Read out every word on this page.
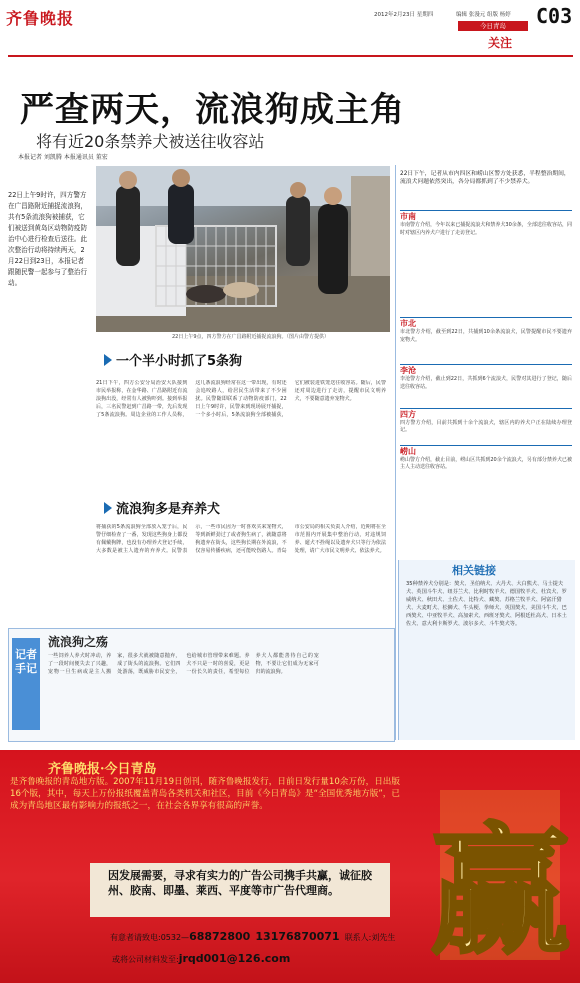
齐鲁晚报	2012年2月23日 星期四	编辑 张漫元 组版 杨婷 C03
今日青岛
关注
严查两天，流浪狗成主角
将有近20条禁养犬被送往收容站
本报记者 刘凯腾 本报通讯员 董宏
22日上午9时许，四方警方在广昌路附近捕捉流浪狗，共有5条流浪狗被捕获，它们被送到黄岛区动物防疫防治中心进行检查后送往。此次整治行动将持续两天，2月22日到23日，本报记者跟随民警一起参与了整治行动。
22日上午9点，四方警方在广昌路附近捕捉流浪狗。（图片由警方提供）
一个半小时抓了5条狗
21日下午，四方公安分局治安大队接到市民举报称，在金华路、广昌路附近有流浪狗出没，经常有人被狗吓到。接到举报后，三名民警赶到广昌路一带，先后发现了5条流浪狗。周边企业的工作人员称，这几条流浪狗经常在这一带出现，有时还会追咬路人，给居民生活带来了不少困扰。民警随即联系了动物防疫部门，22日上午9时许，民警来到现场展开捕捉，一个多小时后，5条流浪狗全部被捕获，它们被装进铁笼送往收容站。随后，民警还对周边进行了走访，提醒市民文明养犬，不要随意遗弃宠物犬。
流浪狗多是弃养犬
将捕获的5条流浪狗全部放入笼子后，民警仔细检查了一番，发现这些狗身上都没有佩戴狗牌，也没有办理养犬登记手续，大多数是被主人遗弃的弃养犬。民警表示，一些市民因为一时喜欢买来宠物犬，等到新鲜劲过了或者狗生病了，就随意将狗遗弃在街头，这些狗长期在外流浪，不仅容易传播疾病，还可能咬伤路人。青岛市公安局的相关负责人介绍，近期将在全市范围内开展集中整治行动，对违规饲养、遛犬不拴绳以及遗弃犬只等行为依法处理，请广大市民文明养犬、依法养犬。
22日下午，记者从市内四区和崂山区警方处获悉，半程整治期间，流浪犬问题依然突出，各分局都抓到了不少禁养犬。
市南
市南警方介绍，今年以来已捕捉流浪犬和禁养犬30余条，全部送往收容站，同时对辖区内养犬户进行了走访登记。
市北
市北警方介绍，截至到22日，共捕到10余条流浪犬，民警提醒市民不要遗弃宠物犬。
李沧
李沧警方介绍，截止到22日，共抓到6个流浪犬，民警对其进行了登记，随后送往收容站。
四方
四方警方介绍，目前共抓到十余个流浪犬，辖区内的养犬户正在陆续办理登记。
崂山
崂山警方介绍，截止目前，崂山区共抓到20余个流浪犬，另有部分禁养犬已被主人主动送往收容站。
相关链接
35种禁养犬分别是：獒犬、圣伯纳犬、大丹犬、大白熊犬、马士提夫犬、英国斗牛犬、纽芬兰犬、比利时牧羊犬、德国牧羊犬、杜宾犬、罗威纳犬、秋田犬、土佐犬、比特犬、藏獒、苏格兰牧羊犬、阿富汗猎犬、大麦町犬、松狮犬、牛头梗、拳师犬、英国獒犬、美国斗牛犬、巴西獒犬、中亚牧羊犬、高加索犬、西班牙獒犬、阿根廷杜高犬、日本土佐犬、意大利卡斯罗犬、波尔多犬、斗牛獒犬等。
记者手记
流浪狗之殇
一些饲养人养犬时冲动，养了一段时间便失去了兴趣，宠物一旦生病或是主人搬家，很多犬就被随意抛弃，成了街头的流浪狗。它们四处游荡，既威胁市民安全，也给城市管理带来难题。养犬不只是一时的喜爱，更是一份长久的责任，希望每位养犬人都能善待自己的宠物，不要让它们成为无家可归的流浪狗。
齐鲁晚报·今日青岛
是齐鲁晚报的青岛地方版。2007年11月19日创刊，随齐鲁晚报发行，日前日发行量10余万份，日出版16个版，其中，每天上万份报纸覆盖青岛各类机关和社区，目前《今日青岛》是“全国优秀地方版”，已成为青岛地区最有影响力的报纸之一，在社会各界享有很高的声誉。
因发展需要，寻求有实力的广告公司携手共赢，诚征胶州、胶南、即墨、莱西、平度等市广告代理商。
有意者请致电:0532—68872800 13176870071 联系人:刘先生
或将公司材料发至:jrqd001@126.com 赢
